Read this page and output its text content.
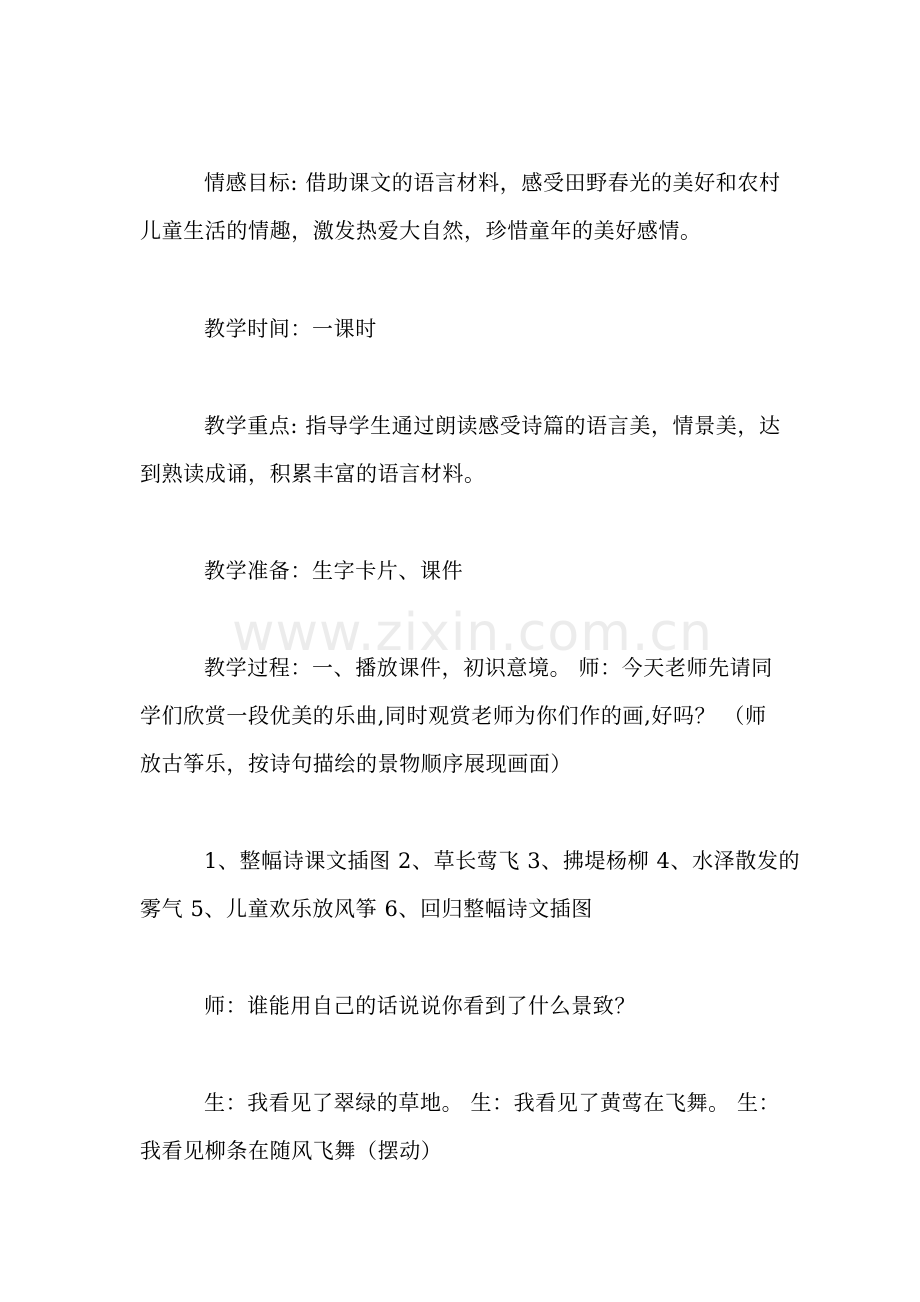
www.zixin.com.cn
情感目标: 借助课文的语言材料，感受田野春光的美好和农村
儿童生活的情趣，激发热爱大自然，珍惜童年的美好感情。
教学时间：一课时
教学重点: 指导学生通过朗读感受诗篇的语言美，情景美，达
到熟读成诵，积累丰富的语言材料。
教学准备：生字卡片、课件
教学过程：一、播放课件，初识意境。 师：今天老师先请同
学们欣赏一段优美的乐曲,同时观赏老师为你们作的画,好吗？ （师
放古筝乐，按诗句描绘的景物顺序展现画面）
1、整幅诗课文插图 2、草长莺飞 3、拂堤杨柳 4、水泽散发的
雾气 5、儿童欢乐放风筝 6、回归整幅诗文插图
师：谁能用自己的话说说你看到了什么景致？
生：我看见了翠绿的草地。 生：我看见了黄莺在飞舞。 生：
我看见柳条在随风飞舞（摆动）
